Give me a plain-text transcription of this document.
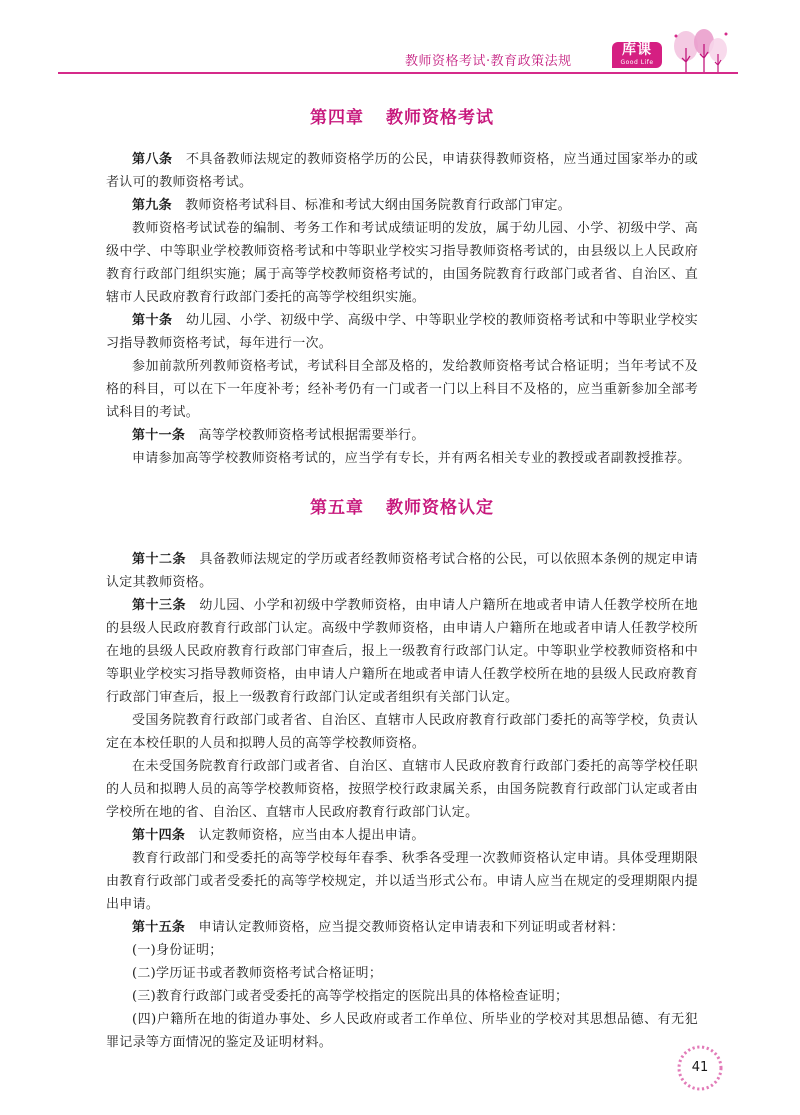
教师资格考试·教育政策法规
库课
Good Life
第四章 教师资格考试

第八条 不具备教师法规定的教师资格学历的公民，申请获得教师资格，应当通过国家举办的或者认可的教师资格考试。

第九条 教师资格考试科目、标准和考试大纲由国务院教育行政部门审定。

教师资格考试试卷的编制、考务工作和考试成绩证明的发放，属于幼儿园、小学、初级中学、高级中学、中等职业学校教师资格考试和中等职业学校实习指导教师资格考试的，由县级以上人民政府教育行政部门组织实施；属于高等学校教师资格考试的，由国务院教育行政部门或者省、自治区、直辖市人民政府教育行政部门委托的高等学校组织实施。

第十条 幼儿园、小学、初级中学、高级中学、中等职业学校的教师资格考试和中等职业学校实习指导教师资格考试，每年进行一次。

参加前款所列教师资格考试，考试科目全部及格的，发给教师资格考试合格证明；当年考试不及格的科目，可以在下一年度补考；经补考仍有一门或者一门以上科目不及格的，应当重新参加全部考试科目的考试。

第十一条 高等学校教师资格考试根据需要举行。

申请参加高等学校教师资格考试的，应当学有专长，并有两名相关专业的教授或者副教授推荐。

第五章 教师资格认定

第十二条 具备教师法规定的学历或者经教师资格考试合格的公民，可以依照本条例的规定申请认定其教师资格。

第十三条 幼儿园、小学和初级中学教师资格，由申请人户籍所在地或者申请人任教学校所在地的县级人民政府教育行政部门认定。高级中学教师资格，由申请人户籍所在地或者申请人任教学校所在地的县级人民政府教育行政部门审查后，报上一级教育行政部门认定。中等职业学校教师资格和中等职业学校实习指导教师资格，由申请人户籍所在地或者申请人任教学校所在地的县级人民政府教育行政部门审查后，报上一级教育行政部门认定或者组织有关部门认定。

受国务院教育行政部门或者省、自治区、直辖市人民政府教育行政部门委托的高等学校，负责认定在本校任职的人员和拟聘人员的高等学校教师资格。

在未受国务院教育行政部门或者省、自治区、直辖市人民政府教育行政部门委托的高等学校任职的人员和拟聘人员的高等学校教师资格，按照学校行政隶属关系，由国务院教育行政部门认定或者由学校所在地的省、自治区、直辖市人民政府教育行政部门认定。

第十四条 认定教师资格，应当由本人提出申请。

教育行政部门和受委托的高等学校每年春季、秋季各受理一次教师资格认定申请。具体受理期限由教育行政部门或者受委托的高等学校规定，并以适当形式公布。申请人应当在规定的受理期限内提出申请。

第十五条 申请认定教师资格，应当提交教师资格认定申请表和下列证明或者材料：

(一)身份证明；

(二)学历证书或者教师资格考试合格证明；

(三)教育行政部门或者受委托的高等学校指定的医院出具的体格检查证明；

(四)户籍所在地的街道办事处、乡人民政府或者工作单位、所毕业的学校对其思想品德、有无犯罪记录等方面情况的鉴定及证明材料。

41
